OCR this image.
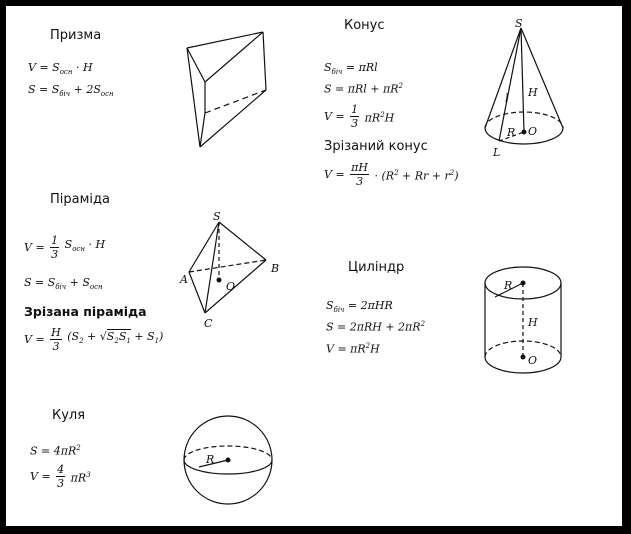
Призма
$V = S_{осн} \cdot H$
$S = S_{біч} + 2S_{осн}$
Конус
$S_{біч} = \pi Rl$
$S = \pi Rl + \pi R^2$
$V = \frac{1}{3} \pi R^2H$
Зрізаний конус
$V = \frac{\pi H}{3} \cdot (R^2 + Rr + r^2)$
S
H
l
R O
L
Піраміда
$V = \frac{1}{3} S_{осн} \cdot H$
$S = S_{біч} + S_{осн}$
Зрізана піраміда
$V = \frac{H}{3} (S_2 + √S_2S_1 + S_1)$
S
A
B
C
O
Циліндр
$S_{біч} = 2\pi HR$
$S = 2\pi RH + 2\pi R^2$
$V = \pi R^2H$
R
H
O
Куля
$S = 4\pi R^2$
$V = \frac{4}{3} \pi R^3$
R
